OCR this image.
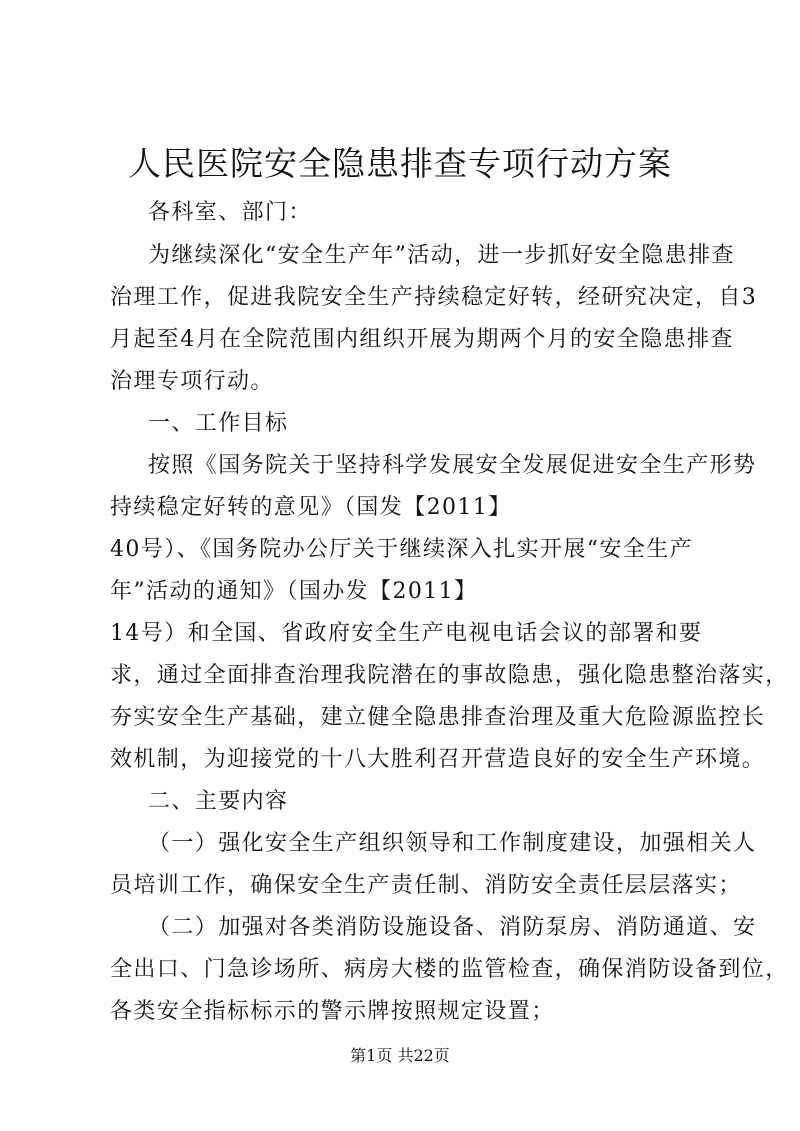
人民医院安全隐患排查专项行动方案
各科室、部门：
为继续深化“安全生产年”活动，进一步抓好安全隐患排查
治理工作，促进我院安全生产持续稳定好转，经研究决定，自3
月起至4月在全院范围内组织开展为期两个月的安全隐患排查
治理专项行动。
一、工作目标
按照《国务院关于坚持科学发展安全发展促进安全生产形势
持续稳定好转的意见》（国发【2011】
40号）、《国务院办公厅关于继续深入扎实开展“安全生产
年”活动的通知》（国办发【2011】
14号）和全国、省政府安全生产电视电话会议的部署和要
求，通过全面排查治理我院潜在的事故隐患，强化隐患整治落实，
夯实安全生产基础，建立健全隐患排查治理及重大危险源监控长
效机制，为迎接党的十八大胜利召开营造良好的安全生产环境。
二、主要内容
（一）强化安全生产组织领导和工作制度建设，加强相关人
员培训工作，确保安全生产责任制、消防安全责任层层落实；
（二）加强对各类消防设施设备、消防泵房、消防通道、安
全出口、门急诊场所、病房大楼的监管检查，确保消防设备到位，
各类安全指标标示的警示牌按照规定设置；
第1页 共22页
